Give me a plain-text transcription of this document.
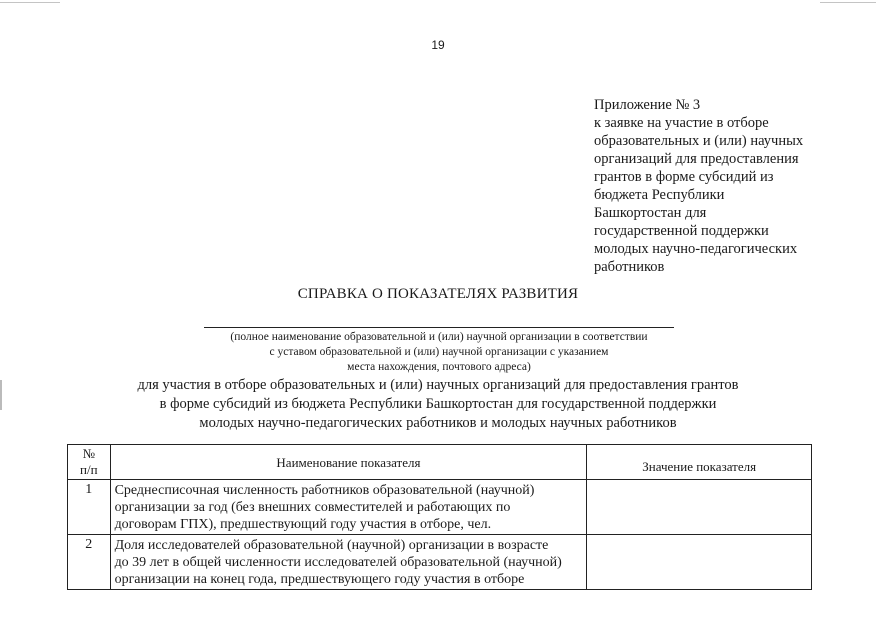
19
Приложение № 3
к заявке на участие в отборе
образовательных и (или) научных
организаций для предоставления
грантов в форме субсидий из
бюджета Республики
Башкортостан для
государственной поддержки
молодых научно-педагогических
работников
СПРАВКА О ПОКАЗАТЕЛЯХ РАЗВИТИЯ
(полное наименование образовательной и (или) научной организации в соответствии
с уставом образовательной и (или) научной организации с указанием
места нахождения, почтового адреса)
для участия в отборе образовательных и (или) научных организаций для предоставления грантов
в форме субсидий из бюджета Республики Башкортостан для государственной поддержки
молодых научно-педагогических работников и молодых научных работников
№
п/п	Наименование показателя	Значение показателя
1	Среднесписочная численность работников образовательной (научной)
организации за год (без внешних совместителей и работающих по
договорам ГПХ), предшествующий году участия в отборе, чел.	

2	Доля исследователей образовательной (научной) организации в возрасте
до 39 лет в общей численности исследователей образовательной (научной)
организации на конец года, предшествующего году участия в отборе	
